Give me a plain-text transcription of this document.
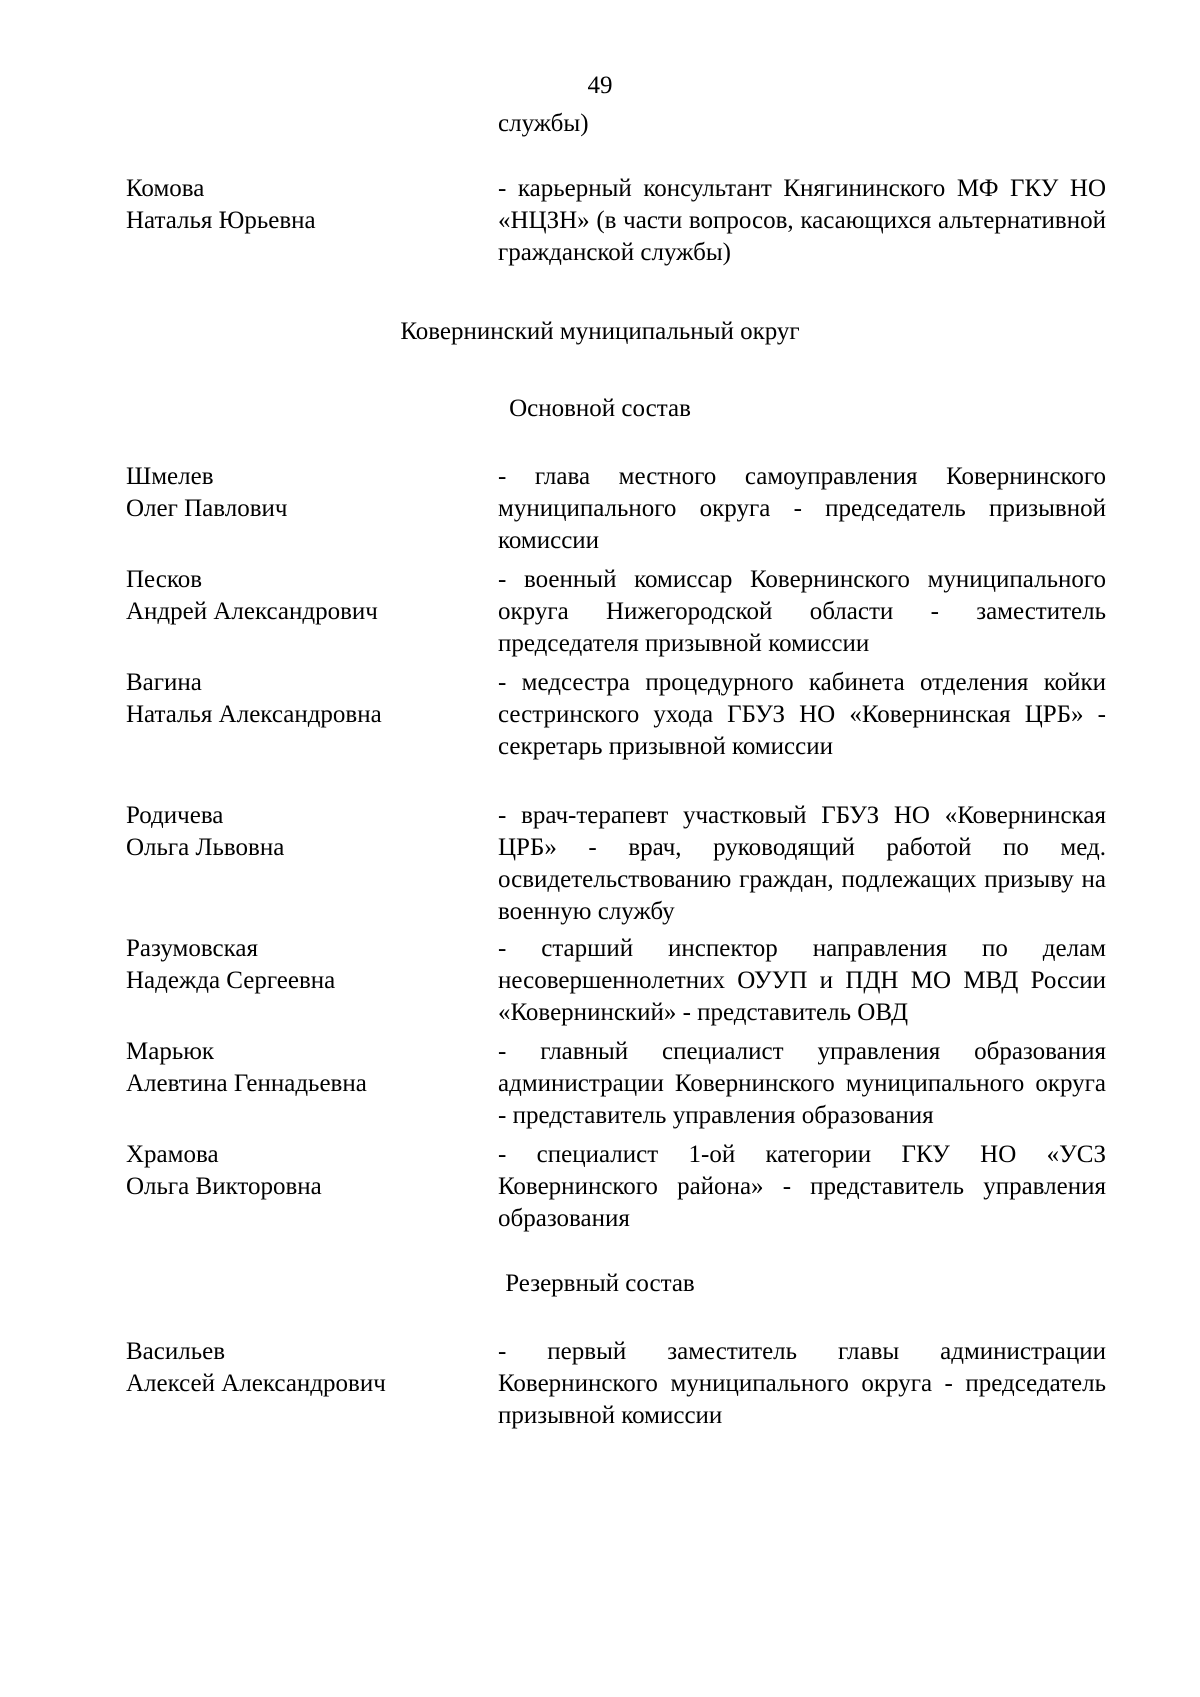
49
службы)
Комова
Наталья Юрьевна
- карьерный консультант Княгининского МФ ГКУ НО «НЦЗН» (в части вопросов, касающихся альтернативной гражданской службы)
Ковернинский муниципальный округ
Основной состав
Шмелев
Олег Павлович
- глава местного самоуправления Ковернинского муниципального округа - председатель призывной комиссии
Песков
Андрей Александрович
- военный комиссар Ковернинского муниципального округа Нижегородской области - заместитель председателя призывной комиссии
Вагина
Наталья Александровна
- медсестра процедурного кабинета отделения койки сестринского ухода ГБУЗ НО «Ковернинская ЦРБ» - секретарь призывной комиссии
Родичева
Ольга Львовна
- врач-терапевт участковый ГБУЗ НО «Ковернинская ЦРБ» - врач, руководящий работой по мед. освидетельствованию граждан, подлежащих призыву на военную службу
Разумовская
Надежда Сергеевна
- старший инспектор направления по делам несовершеннолетних ОУУП и ПДН МО МВД России «Ковернинский» - представитель ОВД
Марьюк
Алевтина Геннадьевна
- главный специалист управления образования администрации Ковернинского муниципального округа - представитель управления образования
Храмова
Ольга Викторовна
- специалист 1-ой категории ГКУ НО «УСЗ Ковернинского района» - представитель управления образования
Резервный состав
Васильев
Алексей Александрович
- первый заместитель главы администрации Ковернинского муниципального округа - председатель призывной комиссии
